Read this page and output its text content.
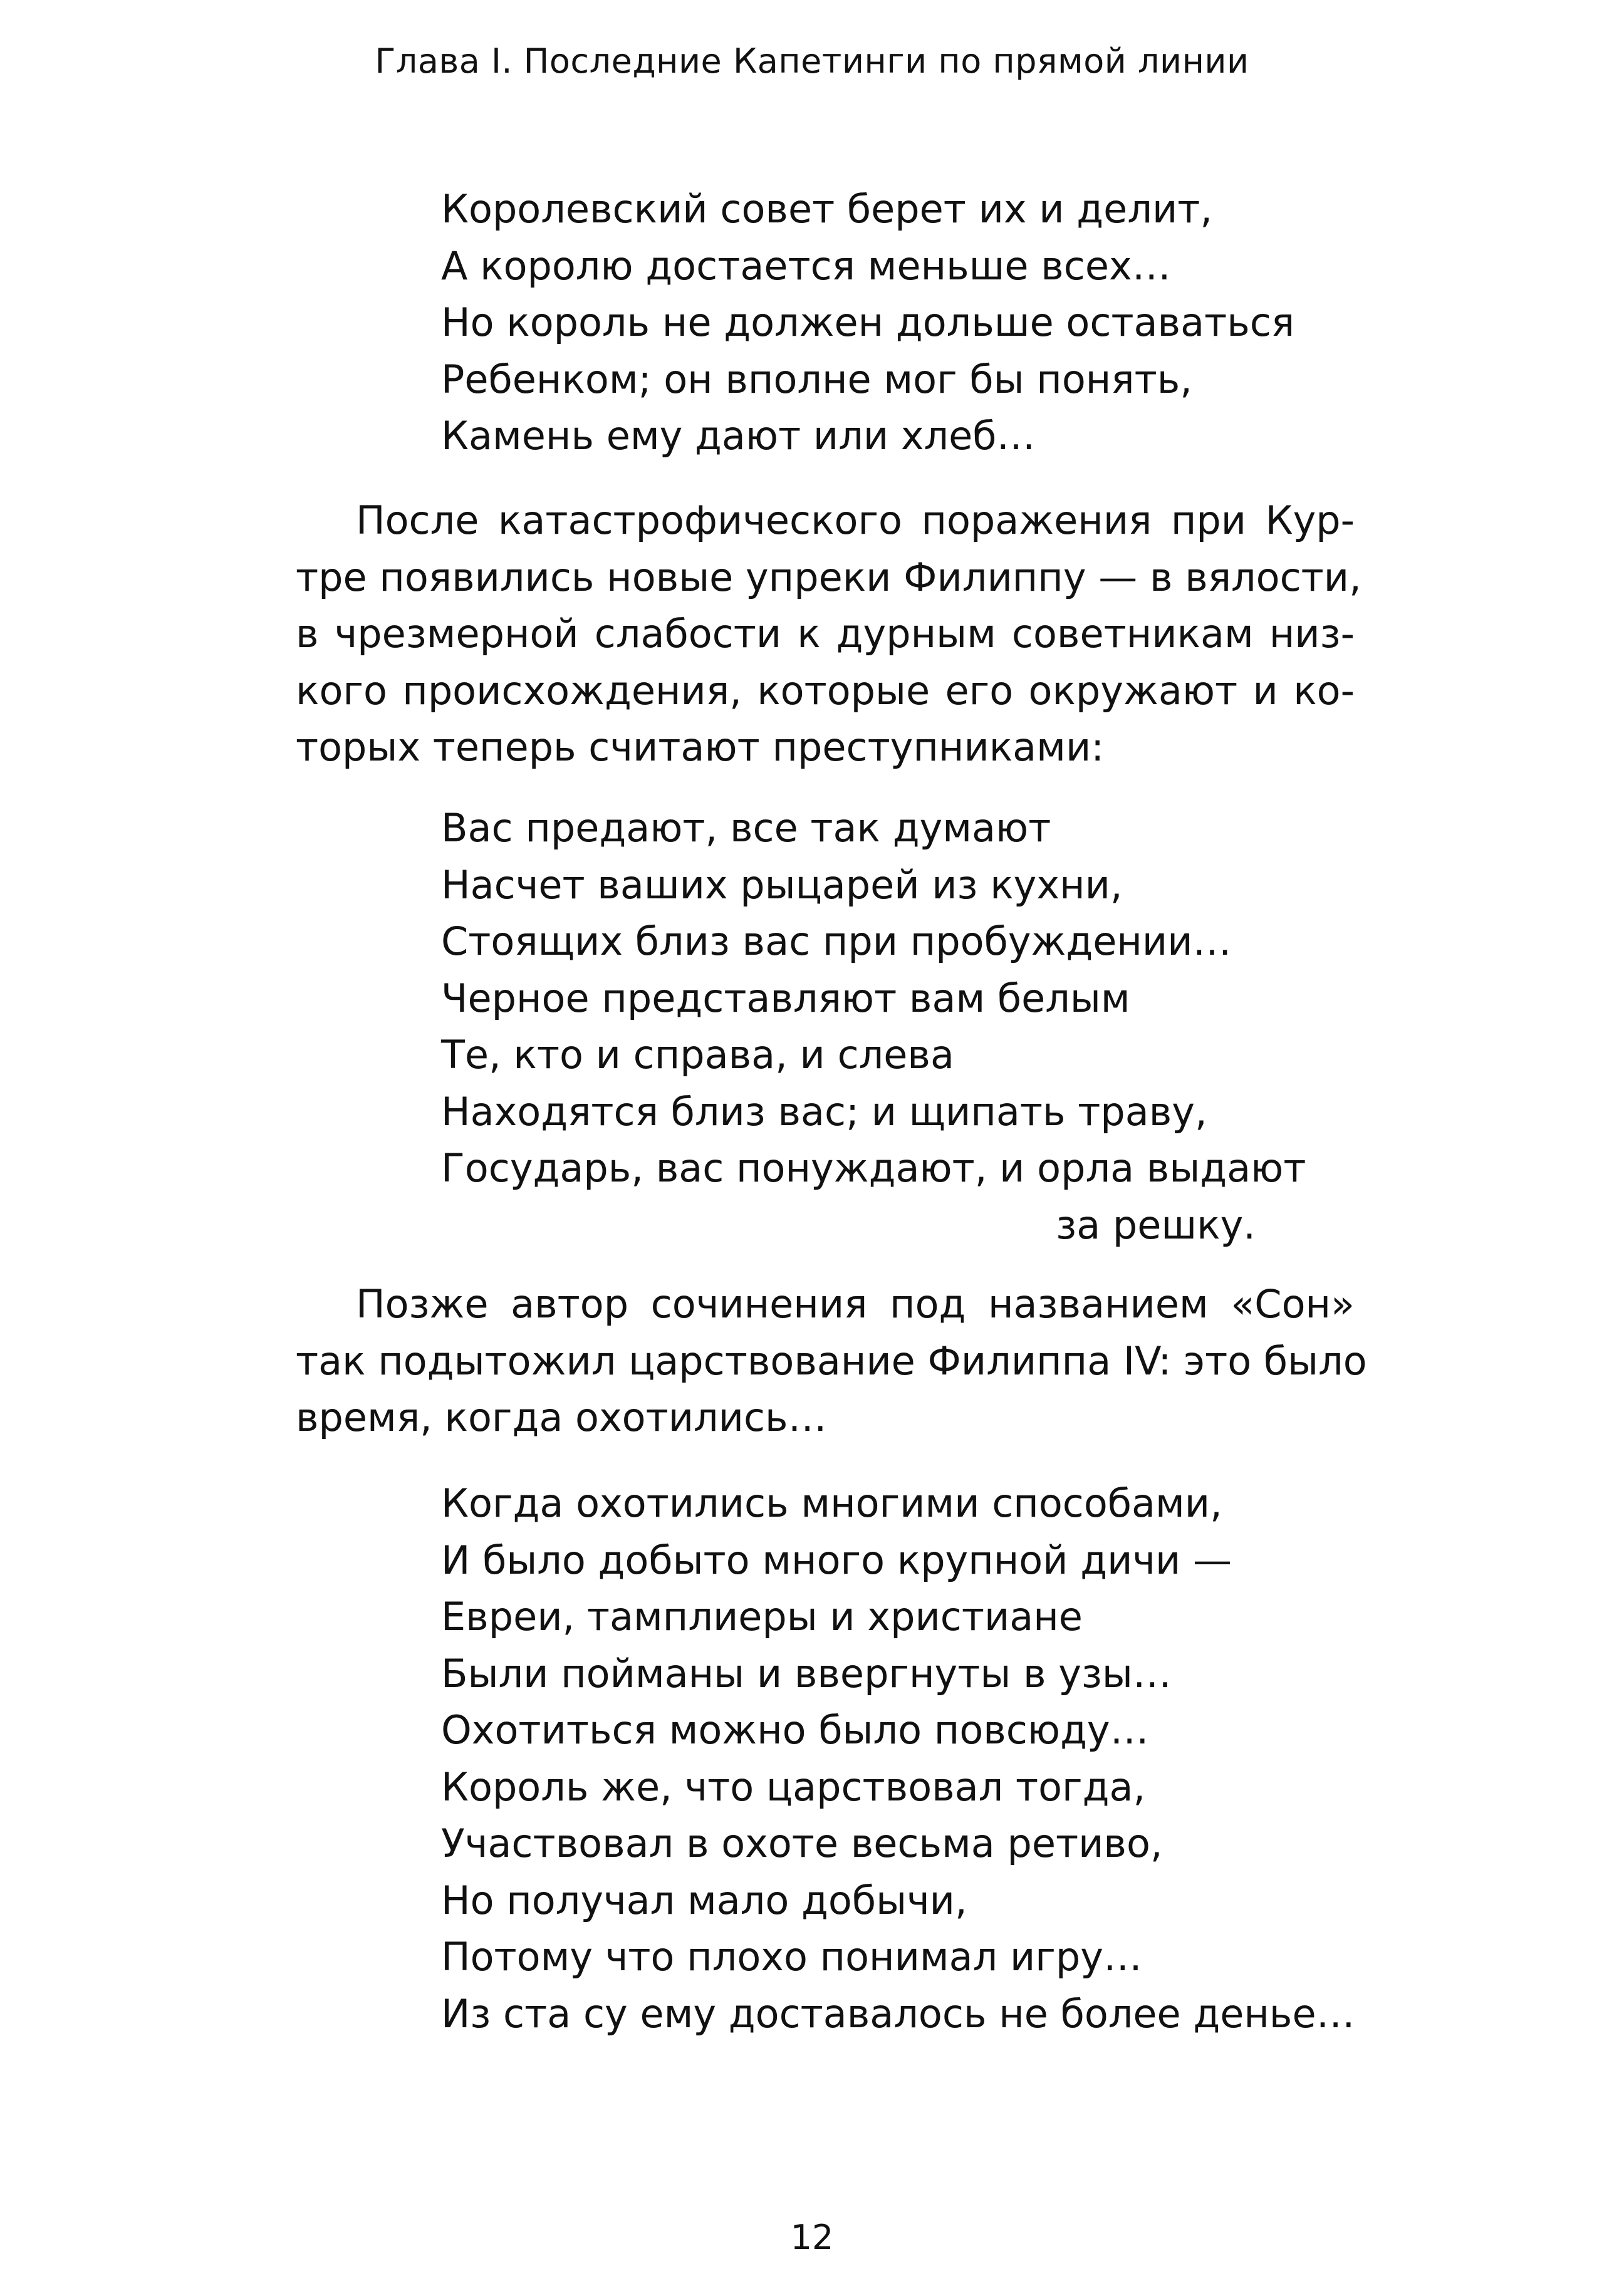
Глава I. Последние Капетинги по прямой линии
Королевский совет берет их и делит,
А королю достается меньше всех…
Но король не должен дольше оставаться
Ребенком; он вполне мог бы понять,
Камень ему дают или хлеб…
После катастрофического поражения при Кур-
тре появились новые упреки Филиппу — в вялости,
в чрезмерной слабости к дурным советникам низ-
кого происхождения, которые его окружают и ко-
торых теперь считают преступниками:
Вас предают, все так думают
Насчет ваших рыцарей из кухни,
Стоящих близ вас при пробуждении…
Черное представляют вам белым
Те, кто и справа, и слева
Находятся близ вас; и щипать траву,
Государь, вас понуждают, и орла выдают
за решку.
Позже автор сочинения под названием «Сон»
так подытожил царствование Филиппа IV: это было
время, когда охотились…
Когда охотились многими способами,
И было добыто много крупной дичи —
Евреи, тамплиеры и христиане
Были пойманы и ввергнуты в узы…
Охотиться можно было повсюду…
Король же, что царствовал тогда,
Участвовал в охоте весьма ретиво,
Но получал мало добычи,
Потому что плохо понимал игру…
Из ста су ему доставалось не более денье…
12
